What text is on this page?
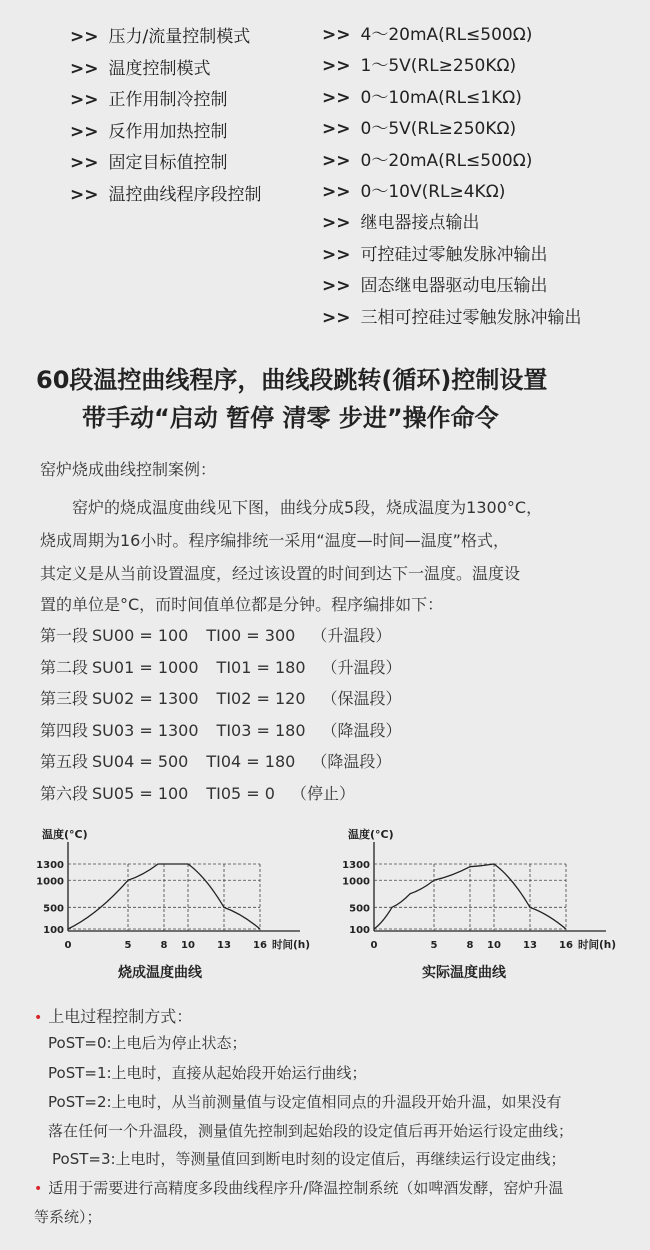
>> 压力/流量控制模式
>> 温度控制模式
>> 正作用制冷控制
>> 反作用加热控制
>> 固定目标值控制
>> 温控曲线程序段控制
>> 4～20mA(RL≤500Ω)
>> 1～5V(RL≥250KΩ)
>> 0～10mA(RL≤1KΩ)
>> 0～5V(RL≥250KΩ)
>> 0～20mA(RL≤500Ω)
>> 0～10V(RL≥4KΩ)
>> 继电器接点输出
>> 可控硅过零触发脉冲输出
>> 固态继电器驱动电压输出
>> 三相可控硅过零触发脉冲输出
60段温控曲线程序，曲线段跳转(循环)控制设置
带手动“启动 暂停 清零 步进”操作命令
窑炉烧成曲线控制案例：
窑炉的烧成温度曲线见下图，曲线分成5段，烧成温度为1300°C，
烧成周期为16小时。程序编排统一采用“温度—时间—温度”格式，
其定义是从当前设置温度，经过该设置的时间到达下一温度。温度设
置的单位是°C，而时间值单位都是分钟。程序编排如下：
第一段 SU00 = 100 TI00 = 300 （升温段）
第二段 SU01 = 1000 TI01 = 180 （升温段）
第三段 SU02 = 1300 TI02 = 120 （保温段）
第四段 SU03 = 1300 TI03 = 180 （降温段）
第五段 SU04 = 500 TI04 = 180 （降温段）
第六段 SU05 = 100 TI05 = 0 （停止）
温度(°C)
时间(h)
100
500
1000
1300
0	5	8 10 13 16
温度(°C)
时间(h)
100
500
1000
1300
0	5	8 10 13 16
烧成温度曲线	实际温度曲线
• 上电过程控制方式：
PoST=0:上电后为停止状态；
PoST=1:上电时，直接从起始段开始运行曲线；
PoST=2:上电时，从当前测量值与设定值相同点的升温段开始升温，如果没有
落在任何一个升温段，测量值先控制到起始段的设定值后再开始运行设定曲线；
PoST=3:上电时，等测量值回到断电时刻的设定值后，再继续运行设定曲线；
• 适用于需要进行高精度多段曲线程序升/降温控制系统（如啤酒发酵，窑炉升温
等系统）；
